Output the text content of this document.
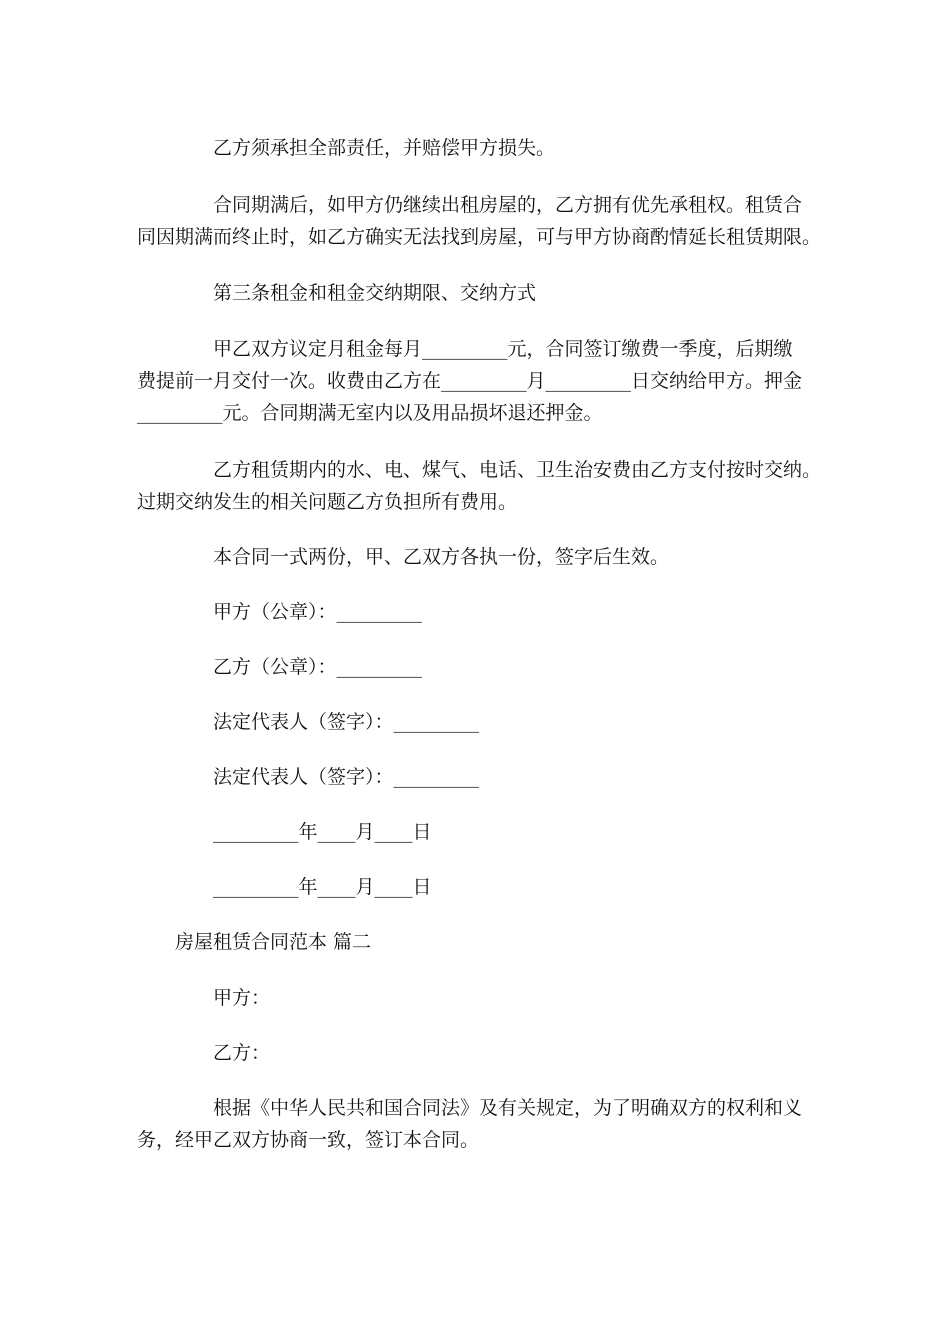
乙方须承担全部责任，并赔偿甲方损失。
合同期满后，如甲方仍继续出租房屋的，乙方拥有优先承租权。租赁合
同因期满而终止时，如乙方确实无法找到房屋，可与甲方协商酌情延长租赁期限。
第三条租金和租金交纳期限、交纳方式
甲乙双方议定月租金每月_________元，合同签订缴费一季度，后期缴
费提前一月交付一次。收费由乙方在_________月_________日交纳给甲方。押金
_________元。合同期满无室内以及用品损坏退还押金。
乙方租赁期内的水、电、煤气、电话、卫生治安费由乙方支付按时交纳。
过期交纳发生的相关问题乙方负担所有费用。
本合同一式两份，甲、乙双方各执一份，签字后生效。
甲方（公章）：_________
乙方（公章）：_________
法定代表人（签字）：_________
法定代表人（签字）：_________
_________年____月____日
_________年____月____日
房屋租赁合同范本 篇二
甲方：
乙方：
根据《中华人民共和国合同法》及有关规定，为了明确双方的权利和义
务，经甲乙双方协商一致，签订本合同。
